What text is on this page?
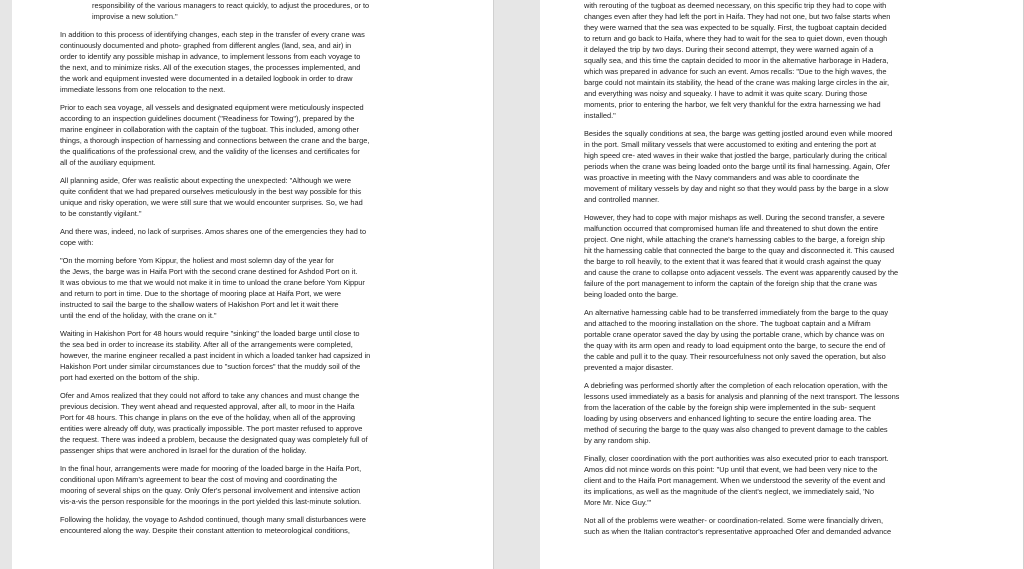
responsibility of the various managers to react quickly, to adjust the procedures, or to
improvise a new solution."

In addition to this process of identifying changes, each step in the transfer of every crane was
continuously documented and photo- graphed from different angles (land, sea, and air) in
order to identify any possible mishap in advance, to implement lessons from each voyage to
the next, and to minimize risks. All of the execution stages, the processes implemented, and
the work and equipment invested were documented in a detailed logbook in order to draw
immediate lessons from one relocation to the next.

Prior to each sea voyage, all vessels and designated equipment were meticulously inspected
according to an inspection guidelines document ("Readiness for Towing"), prepared by the
marine engineer in collaboration with the captain of the tugboat. This included, among other
things, a thorough inspection of harnessing and connections between the crane and the barge,
the qualifications of the professional crew, and the validity of the licenses and certificates for
all of the auxiliary equipment.

All planning aside, Ofer was realistic about expecting the unexpected: "Although we were
quite confident that we had prepared ourselves meticulously in the best way possible for this
unique and risky operation, we were still sure that we would encounter surprises. So, we had
to be constantly vigilant."

And there was, indeed, no lack of surprises. Amos shares one of the emergencies they had to
cope with:

"On the morning before Yom Kippur, the holiest and most solemn day of the year for
the Jews, the barge was in Haifa Port with the second crane destined for Ashdod Port on it.
It was obvious to me that we would not make it in time to unload the crane before Yom Kippur
and return to port in time. Due to the shortage of mooring place at Haifa Port, we were
instructed to sail the barge to the shallow waters of Hakishon Port and let it wait there
until the end of the holiday, with the crane on it."

Waiting in Hakishon Port for 48 hours would require "sinking" the loaded barge until close to
the sea bed in order to increase its stability. After all of the arrangements were completed,
however, the marine engineer recalled a past incident in which a loaded tanker had capsized in
Hakishon Port under similar circumstances due to "suction forces" that the muddy soil of the
port had exerted on the bottom of the ship.

Ofer and Amos realized that they could not afford to take any chances and must change the
previous decision. They went ahead and requested approval, after all, to moor in the Haifa
Port for 48 hours. This change in plans on the eve of the holiday, when all of the approving
entities were already off duty, was practically impossible. The port master refused to approve
the request. There was indeed a problem, because the designated quay was completely full of
passenger ships that were anchored in Israel for the duration of the holiday.

In the final hour, arrangements were made for mooring of the loaded barge in the Haifa Port,
conditional upon Mifram's agreement to bear the cost of moving and coordinating the
mooring of several ships on the quay. Only Ofer's personal involvement and intensive action
vis-a-vis the person responsible for the moorings in the port yielded this last-minute solution.

Following the holiday, the voyage to Ashdod continued, though many small disturbances were
encountered along the way. Despite their constant attention to meteorological conditions,

with rerouting of the tugboat as deemed necessary, on this specific trip they had to cope with
changes even after they had left the port in Haifa. They had not one, but two false starts when
they were warned that the sea was expected to be squally. First, the tugboat captain decided
to return and go back to Haifa, where they had to wait for the sea to quiet down, even though
it delayed the trip by two days. During their second attempt, they were warned again of a
squally sea, and this time the captain decided to moor in the alternative harborage in Hadera,
which was prepared in advance for such an event. Amos recalls: "Due to the high waves, the
barge could not maintain its stability, the head of the crane was making large circles in the air,
and everything was noisy and squeaky. I have to admit it was quite scary. During those
moments, prior to entering the harbor, we felt very thankful for the extra harnessing we had
installed."

Besides the squally conditions at sea, the barge was getting jostled around even while moored
in the port. Small military vessels that were accustomed to exiting and entering the port at
high speed cre- ated waves in their wake that jostled the barge, particularly during the critical
periods when the crane was being loaded onto the barge until its final harnessing. Again, Ofer
was proactive in meeting with the Navy commanders and was able to coordinate the
movement of military vessels by day and night so that they would pass by the barge in a slow
and controlled manner.

However, they had to cope with major mishaps as well. During the second transfer, a severe
malfunction occurred that compromised human life and threatened to shut down the entire
project. One night, while attaching the crane's harnessing cables to the barge, a foreign ship
hit the harnessing cable that connected the barge to the quay and disconnected it. This caused
the barge to roll heavily, to the extent that it was feared that it would crash against the quay
and cause the crane to collapse onto adjacent vessels. The event was apparently caused by the
failure of the port management to inform the captain of the foreign ship that the crane was
being loaded onto the barge.

An alternative harnessing cable had to be transferred immediately from the barge to the quay
and attached to the mooring installation on the shore. The tugboat captain and a Mifram
portable crane operator saved the day by using the portable crane, which by chance was on
the quay with its arm open and ready to load equipment onto the barge, to secure the end of
the cable and pull it to the quay. Their resourcefulness not only saved the operation, but also
prevented a major disaster.

A debriefing was performed shortly after the completion of each relocation operation, with the
lessons used immediately as a basis for analysis and planning of the next transport. The lessons
from the laceration of the cable by the foreign ship were implemented in the sub- sequent
loading by using observers and enhanced lighting to secure the entire loading area. The
method of securing the barge to the quay was also changed to prevent damage to the cables
by any random ship.

Finally, closer coordination with the port authorities was also executed prior to each transport.
Amos did not mince words on this point: "Up until that event, we had been very nice to the
client and to the Haifa Port management. When we understood the severity of the event and
its implications, as well as the magnitude of the client's neglect, we immediately said, 'No
More Mr. Nice Guy.'"

Not all of the problems were weather- or coordination-related. Some were financially driven,
such as when the Italian contractor's representative approached Ofer and demanded advance
